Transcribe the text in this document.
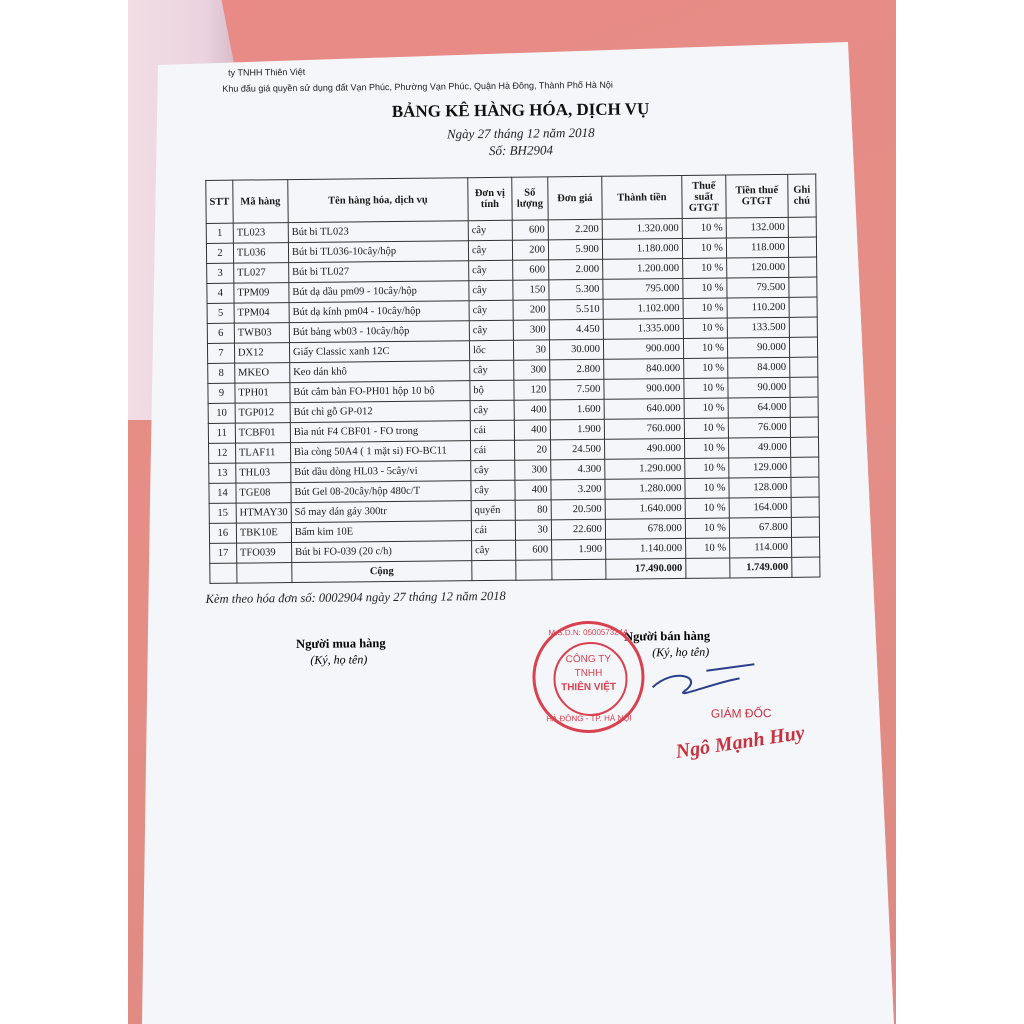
ty TNHH Thiên Việt
Khu đấu giá quyền sử dụng đất Vạn Phúc, Phường Vạn Phúc, Quận Hà Đông, Thành Phố Hà Nội
BẢNG KÊ HÀNG HÓA, DỊCH VỤ
Ngày 27 tháng 12 năm 2018
Số: BH2904
STT	Mã hàng	Tên hàng hóa, dịch vụ	Đơn vị tính	Số lượng	Đơn giá	Thành tiền	Thuế suất GTGT	Tiền thuế GTGT	Ghi chú
1	TL023	Bút bi TL023	cây	600	2.200	1.320.000	10 %	132.000	
2	TL036	Bút bi TL036-10cây/hộp	cây	200	5.900	1.180.000	10 %	118.000	
3	TL027	Bút bi TL027	cây	600	2.000	1.200.000	10 %	120.000	
4	TPM09	Bút dạ dầu pm09 - 10cây/hộp	cây	150	5.300	795.000	10 %	79.500	
5	TPM04	Bút dạ kính pm04 - 10cây/hộp	cây	200	5.510	1.102.000	10 %	110.200	
6	TWB03	Bút bảng wb03 - 10cây/hộp	cây	300	4.450	1.335.000	10 %	133.500	
7	DX12	Giấy Classic xanh 12C	lốc	30	30.000	900.000	10 %	90.000	
8	MKEO	Keo dán khô	cây	300	2.800	840.000	10 %	84.000	
9	TPH01	Bút cắm bàn FO-PH01 hộp 10 bộ	bộ	120	7.500	900.000	10 %	90.000	
10	TGP012	Bút chì gỗ GP-012	cây	400	1.600	640.000	10 %	64.000	
11	TCBF01	Bìa nút F4 CBF01 - FO trong	cái	400	1.900	760.000	10 %	76.000	
12	TLAF11	Bìa còng 50A4 ( 1 mặt si) FO-BC11	cái	20	24.500	490.000	10 %	49.000	
13	THL03	Bút dầu dòng HL03 - 5cây/vi	cây	300	4.300	1.290.000	10 %	129.000	
14	TGE08	Bút Gel 08-20cây/hộp 480c/T	cây	400	3.200	1.280.000	10 %	128.000	
15	HTMAY30	Sổ may dán gáy 300tr	quyển	80	20.500	1.640.000	10 %	164.000	
16	TBK10E	Bấm kim 10E	cái	30	22.600	678.000	10 %	67.800	
17	TFO039	Bút bi FO-039 (20 c/h)	cây	600	1.900	1.140.000	10 %	114.000	
		Cộng				17.490.000		1.749.000	
Kèm theo hóa đơn số: 0002904 ngày 27 tháng 12 năm 2018
Người mua hàng
(Ký, họ tên)
Người bán hàng
(Ký, họ tên)
M.S.D.N: 0500573244
CÔNG TY
TNHH
THIÊN VIỆT
HÀ ĐÔNG - TP. HÀ NỘI	GIÁM ĐỐC
Ngô Mạnh Huy
